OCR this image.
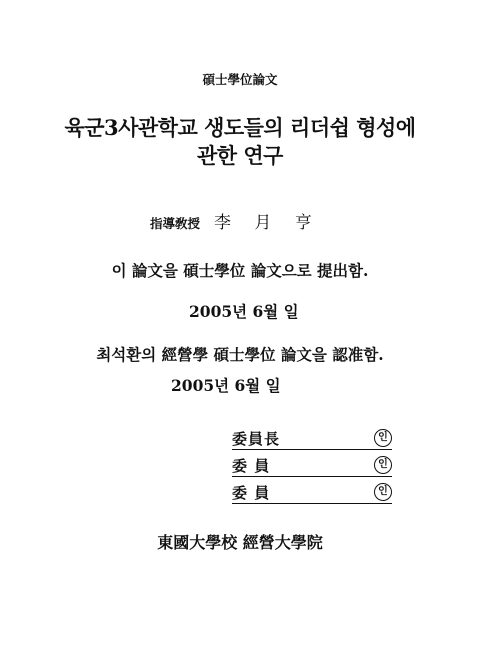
碩士學位論文
육군3사관학교 생도들의 리더쉽 형성에
관한 연구
指導敎授 李 月 亨
이 論文을 碩士學位 論文으로 提出함.
2005년 6월 일
최석환의 經營學 碩士學位 論文을 認准함.
2005년 6월 일
委員長	인
委 員	인
委 員	인
東國大學校 經營大學院
